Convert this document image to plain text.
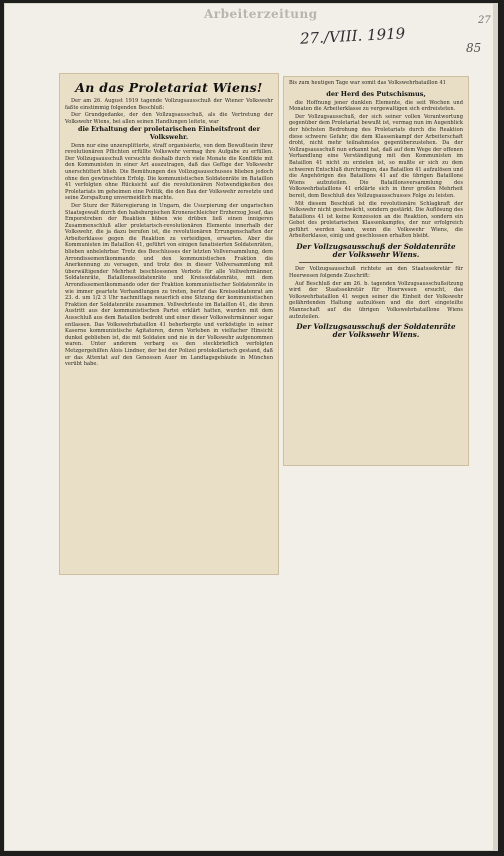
Arbeiterzeitung
27./VIII. 1919
27
85
An das Proletariat Wiens!
Der am 26. August 1919 tagende Vollzugsausschuß der Wiener Volkswehr faßte einstimmig folgenden Beschluß:
Der Grundgedanke, der den Vollzugsausschuß, als die Vertretung der Volkswehr Wiens, bei allen seinen Handlungen leitete, war
die Erhaltung der proletarischen Einheitsfront der Volkswehr.
Denn nur eine unzersplitterte, straff organisierte, von dem Bewußtsein ihrer revolutionären Pflichten erfüllte Volkswehr vermag ihre Aufgabe zu erfüllen. Der Vollzugsausschuß versuchte deshalb durch viele Monate die Konflikte mit den Kommunisten in einer Art auszutragen, daß das Gefüge der Volkswehr unerschüttert blieb. Die Bemühungen des Vollzugsausschusses blieben jedoch ohne den gewünschten Erfolg. Die kommunistischen Soldatenräte im Bataillon 41 verfolgten ohne Rücksicht auf die revolutionären Notwendigkeiten des Proletariats im geheimen eine Politik, die den Bau der Volkswehr zersetzte und seine Zerspaltung unvermeidlich machte.
Der Sturz der Räteregierung in Ungarn, die Usurpierung der ungarischen Staatsgewalt durch den habsburgischen Kronenschleicher Erzherzog Josef, das Emporstreben der Reaktion hüben wie drüben ließ einen innigeren Zusammenschluß aller proletarisch-revolutionären Elemente innerhalb der Volkswehr, die ja dazu berufen ist, die revolutionären Errungenschaften der Arbeiterklasse gegen die Reaktion zu verteidigen, erwarten. Aber die Kommunisten im Bataillon 41, geführt von einigen fanatisierten Soldatenräten, blieben unbelehrbar. Trotz des Beschlusses der letzten Vollversammlung, dem Arrondissementkommando und den kommunistischen Fraktion die Anerkennung zu versagen, und trotz des in dieser Vollversammlung mit überwältigender Mehrheit beschlossenen Verbots für alle Vollwehrmänner, Soldatenräte, Bataillonssoldatenräte und Kreissoldatenräte, mit dem Arrondissementkommando oder der Fraktion kommunistischer Soldatenräte in wie immer geartete Verhandlungen zu treten, berief das Kreissoldatenrat am 23. d. um 1/2 3 Uhr nachmittags neuerlich eine Sitzung der kommunistischen Fraktion der Soldatenräte zusammen. Vollwehrleute im Bataillon 41, die ihren Austritt aus der kommunistischen Partei erklärt hatten, wurden mit dem Ausschluß aus dem Bataillon bedroht und einer dieser Volkswehrmänner sogar entlassen. Das Volkswehrbataillon 41 beherbergte und verköstigte in seiner Kaserne kommunistische Agitatoren, deren Vorleben in vielfacher Hinsicht dunkel geblieben ist, die mit Soldaten und nie in der Volkswehr aufgenommen waren. Unter anderem verbarg es den steckbrieflich verfolgten Metzgergehilfen Alois Lindner, der bei der Polizei protokollarisch gestand, daß er das Attentat auf den Genossen Auer im Landtagsgebäude in München verübt habe.
Bis zum heutigen Tage war somit das Volkswehrbataillon 41
der Herd des Putschismus,
die Hoffnung jener dunklen Elemente, die seit Wochen und Monaten die Arbeiterklasse zu vergewaltigen sich erdreisteten.
Der Vollzugsausschuß, der sich seiner vollen Verantwortung gegenüber dem Proletariat bewußt ist, vermag nun im Augenblick der höchsten Bedrohung des Proletariats durch die Reaktion diese schwere Gefahr, die dem Klassenkampf der Arbeiterschaft droht, nicht mehr teilnahmslos gegenüberzustehen. Da der Vollzugsausschuß nun erkannt hat, daß auf dem Wege der offenen Verhandlung eine Verständigung mit den Kommunisten im Bataillon 41 nicht zu erzielen ist, so mußte er sich zu dem schweren Entschluß durchringen, das Bataillon 41 aufzulösen und die Angehörigen des Bataillons 41 auf die übrigen Bataillone Wiens aufzuteilen. Die Bataillonsversammlung des Volkswehrbataillons 41 erklärte sich in ihrer großen Mehrheit bereit, dem Beschluß des Vollzugsausschusses Folge zu leisten.
Mit diesem Beschluß ist die revolutionäre Schlagkraft der Volkswehr nicht geschwächt, sondern gestärkt. Die Auflösung des Bataillons 41 ist keine Konzession an die Reaktion, sondern ein Gebot des proletarischen Klassenkampfes, der nur erfolgreich geführt werden kann, wenn die Volkswehr Wiens, die Arbeiterklasse, einig und geschlossen erhalten bleibt.
Der Vollzugsausschuß der Soldatenräte der Volkswehr Wiens.
Der Vollzugsausschuß richtete an den Staatssekretär für Heerwesen folgende Zuschrift:
Auf Beschluß der am 26. b. tagenden Vollzugsausschußsitzung wird der Staatssekretär für Heerwesen ersucht, das Volkswehrbataillon 41 wegen seiner die Einheit der Volkswehr gefährdenden Haltung aufzulösen und die dort eingeteilte Mannschaft auf die übrigen Volkswehrbataillone Wiens aufzuteilen.
Der Vollzugsausschuß der Soldatenräte der Volkswehr Wiens.
